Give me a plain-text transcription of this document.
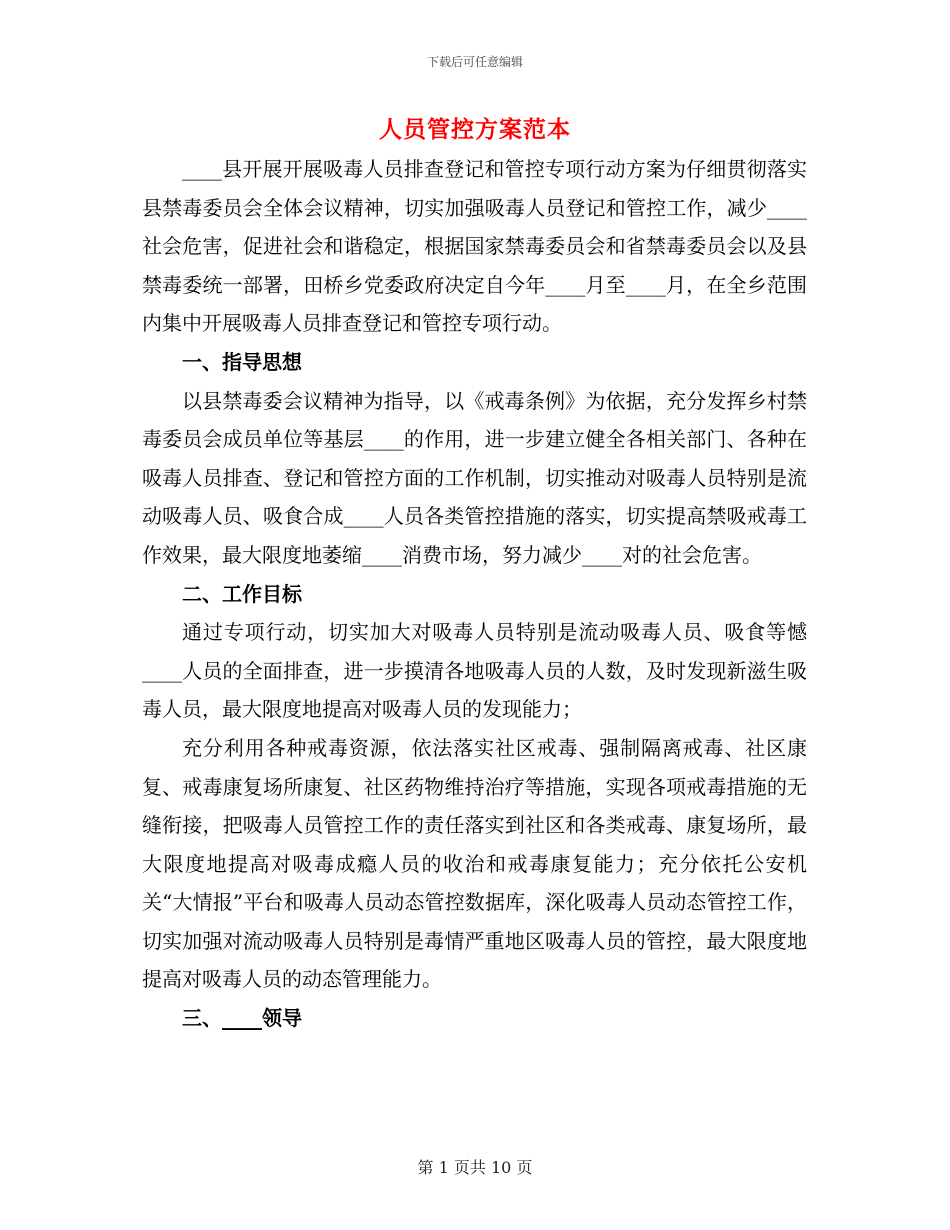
下载后可任意编辑
人员管控方案范本

____县开展开展吸毒人员排查登记和管控专项行动方案为仔细贯彻落实县禁毒委员会全体会议精神，切实加强吸毒人员登记和管控工作，减少____社会危害，促进社会和谐稳定，根据国家禁毒委员会和省禁毒委员会以及县禁毒委统一部署，田桥乡党委政府决定自今年____月至____月，在全乡范围内集中开展吸毒人员排查登记和管控专项行动。

一、指导思想

以县禁毒委会议精神为指导，以《戒毒条例》为依据，充分发挥乡村禁毒委员会成员单位等基层____的作用，进一步建立健全各相关部门、各种在吸毒人员排查、登记和管控方面的工作机制，切实推动对吸毒人员特别是流动吸毒人员、吸食合成____人员各类管控措施的落实，切实提高禁吸戒毒工作效果，最大限度地萎缩____消费市场，努力减少____对的社会危害。

二、工作目标

通过专项行动，切实加大对吸毒人员特别是流动吸毒人员、吸食等憾____人员的全面排查，进一步摸清各地吸毒人员的人数，及时发现新滋生吸毒人员，最大限度地提高对吸毒人员的发现能力；

充分利用各种戒毒资源，依法落实社区戒毒、强制隔离戒毒、社区康复、戒毒康复场所康复、社区药物维持治疗等措施，实现各项戒毒措施的无缝衔接，把吸毒人员管控工作的责任落实到社区和各类戒毒、康复场所，最大限度地提高对吸毒成瘾人员的收治和戒毒康复能力；充分依托公安机关“大情报”平台和吸毒人员动态管控数据库，深化吸毒人员动态管控工作，切实加强对流动吸毒人员特别是毒情严重地区吸毒人员的管控，最大限度地提高对吸毒人员的动态管理能力。

三、____领导
第 1 页共 10 页
